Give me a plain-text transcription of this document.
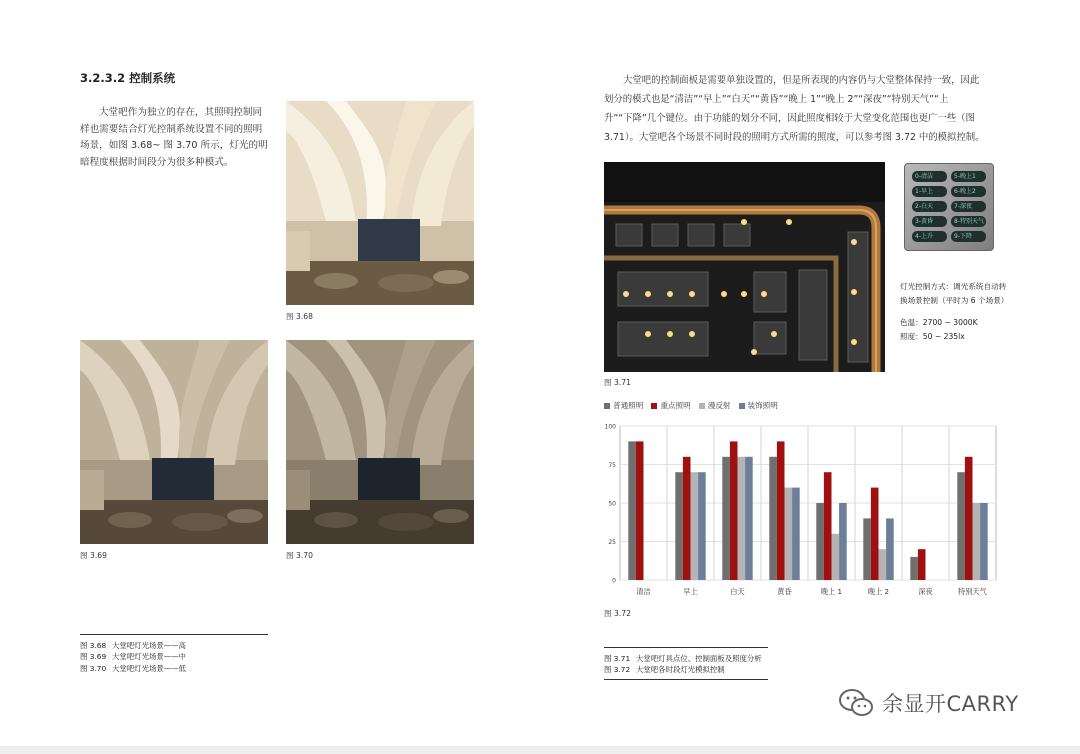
3.2.3.2 控制系统
大堂吧作为独立的存在，其照明控制同
样也需要结合灯光控制系统设置不同的照明
场景，如图 3.68~ 图 3.70 所示，灯光的明
暗程度根据时间段分为很多种模式。
图 3.68
图 3.69	图 3.70
图 3.68 大堂吧灯光场景——高
图 3.69 大堂吧灯光场景——中
图 3.70 大堂吧灯光场景——低
大堂吧的控制面板是需要单独设置的，但是所表现的内容仍与大堂整体保持一致，因此
划分的模式也是“清洁”“早上”“白天”“黄昏”“晚上 1”“晚上 2”“深夜”“特别天气”“上
升”“下降”几个键位。由于功能的划分不同，因此照度相较于大堂变化范围也更广一些（图
3.71）。大堂吧各个场景不同时段的照明方式所需的照度，可以参考图 3.72 中的模拟控制。
图 3.71
0-清洁	5-晚上1
1-早上	6-晚上2
2-白天	7-深夜
3-黄昏	8-特别天气
4-上升	9-下降
灯光控制方式：调光系统自动转
换场景控制（平时为 6 个场景）
色温：2700 ~ 3000K
照度：50 ~ 235lx
普通照明	重点照明	漫反射	装饰照明
0
25
50
75
100
清洁	早上	白天	黄昏	晚上 1	晚上 2	深夜	特别天气
图 3.72
图 3.71 大堂吧灯具点位、控制面板及照度分析
图 3.72 大堂吧各时段灯光模拟控制
余显开CARRY
